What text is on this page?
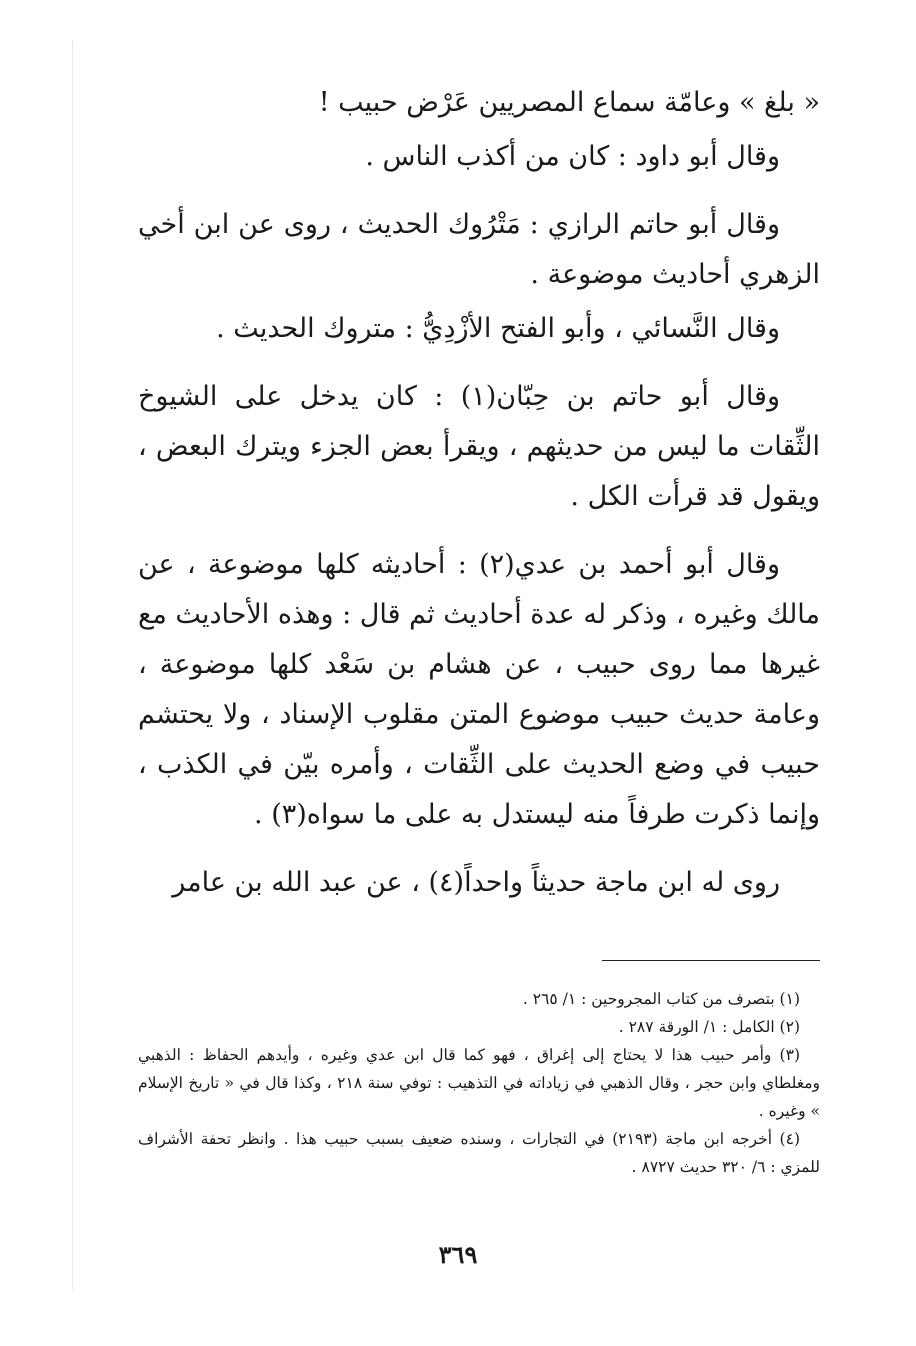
« بلغ » وعامّة سماع المصريين عَرْض حبيب !

وقال أبو داود : كان من أكذب الناس .

وقال أبو حاتم الرازي : مَتْرُوك الحديث ، روى عن ابن أخي الزهري أحاديث موضوعة .

وقال النَّسائي ، وأبو الفتح الأزْدِيُّ : متروك الحديث .

وقال أبو حاتم بن حِبّان(١) : كان يدخل على الشيوخ الثِّقات ما ليس من حديثهم ، ويقرأ بعض الجزء ويترك البعض ، ويقول قد قرأت الكل .

وقال أبو أحمد بن عدي(٢) : أحاديثه كلها موضوعة ، عن مالك وغيره ، وذكر له عدة أحاديث ثم قال : وهذه الأحاديث مع غيرها مما روى حبيب ، عن هشام بن سَعْد كلها موضوعة ، وعامة حديث حبيب موضوع المتن مقلوب الإسناد ، ولا يحتشم حبيب في وضع الحديث على الثِّقات ، وأمره بيّن في الكذب ، وإنما ذكرت طرفاً منه ليستدل به على ما سواه(٣) .

روى له ابن ماجة حديثاً واحداً(٤) ، عن عبد الله بن عامر

(١) بتصرف من كتاب المجروحين : ١/ ٢٦٥ .

(٢) الكامل : ١/ الورقة ٢٨٧ .

(٣) وأمر حبيب هذا لا يحتاج إلى إغراق ، فهو كما قال ابن عدي وغيره ، وأيدهم الحفاظ : الذهبي ومغلطاي وابن حجر ، وقال الذهبي في زياداته في التذهيب : توفي سنة ٢١٨ ، وكذا قال في « تاريخ الإسلام » وغيره .

(٤) أخرجه ابن ماجة (٢١٩٣) في التجارات ، وسنده ضعيف بسبب حبيب هذا . وانظر تحفة الأشراف للمزي : ٦/ ٣٢٠ حديث ٨٧٢٧ .

٣٦٩
